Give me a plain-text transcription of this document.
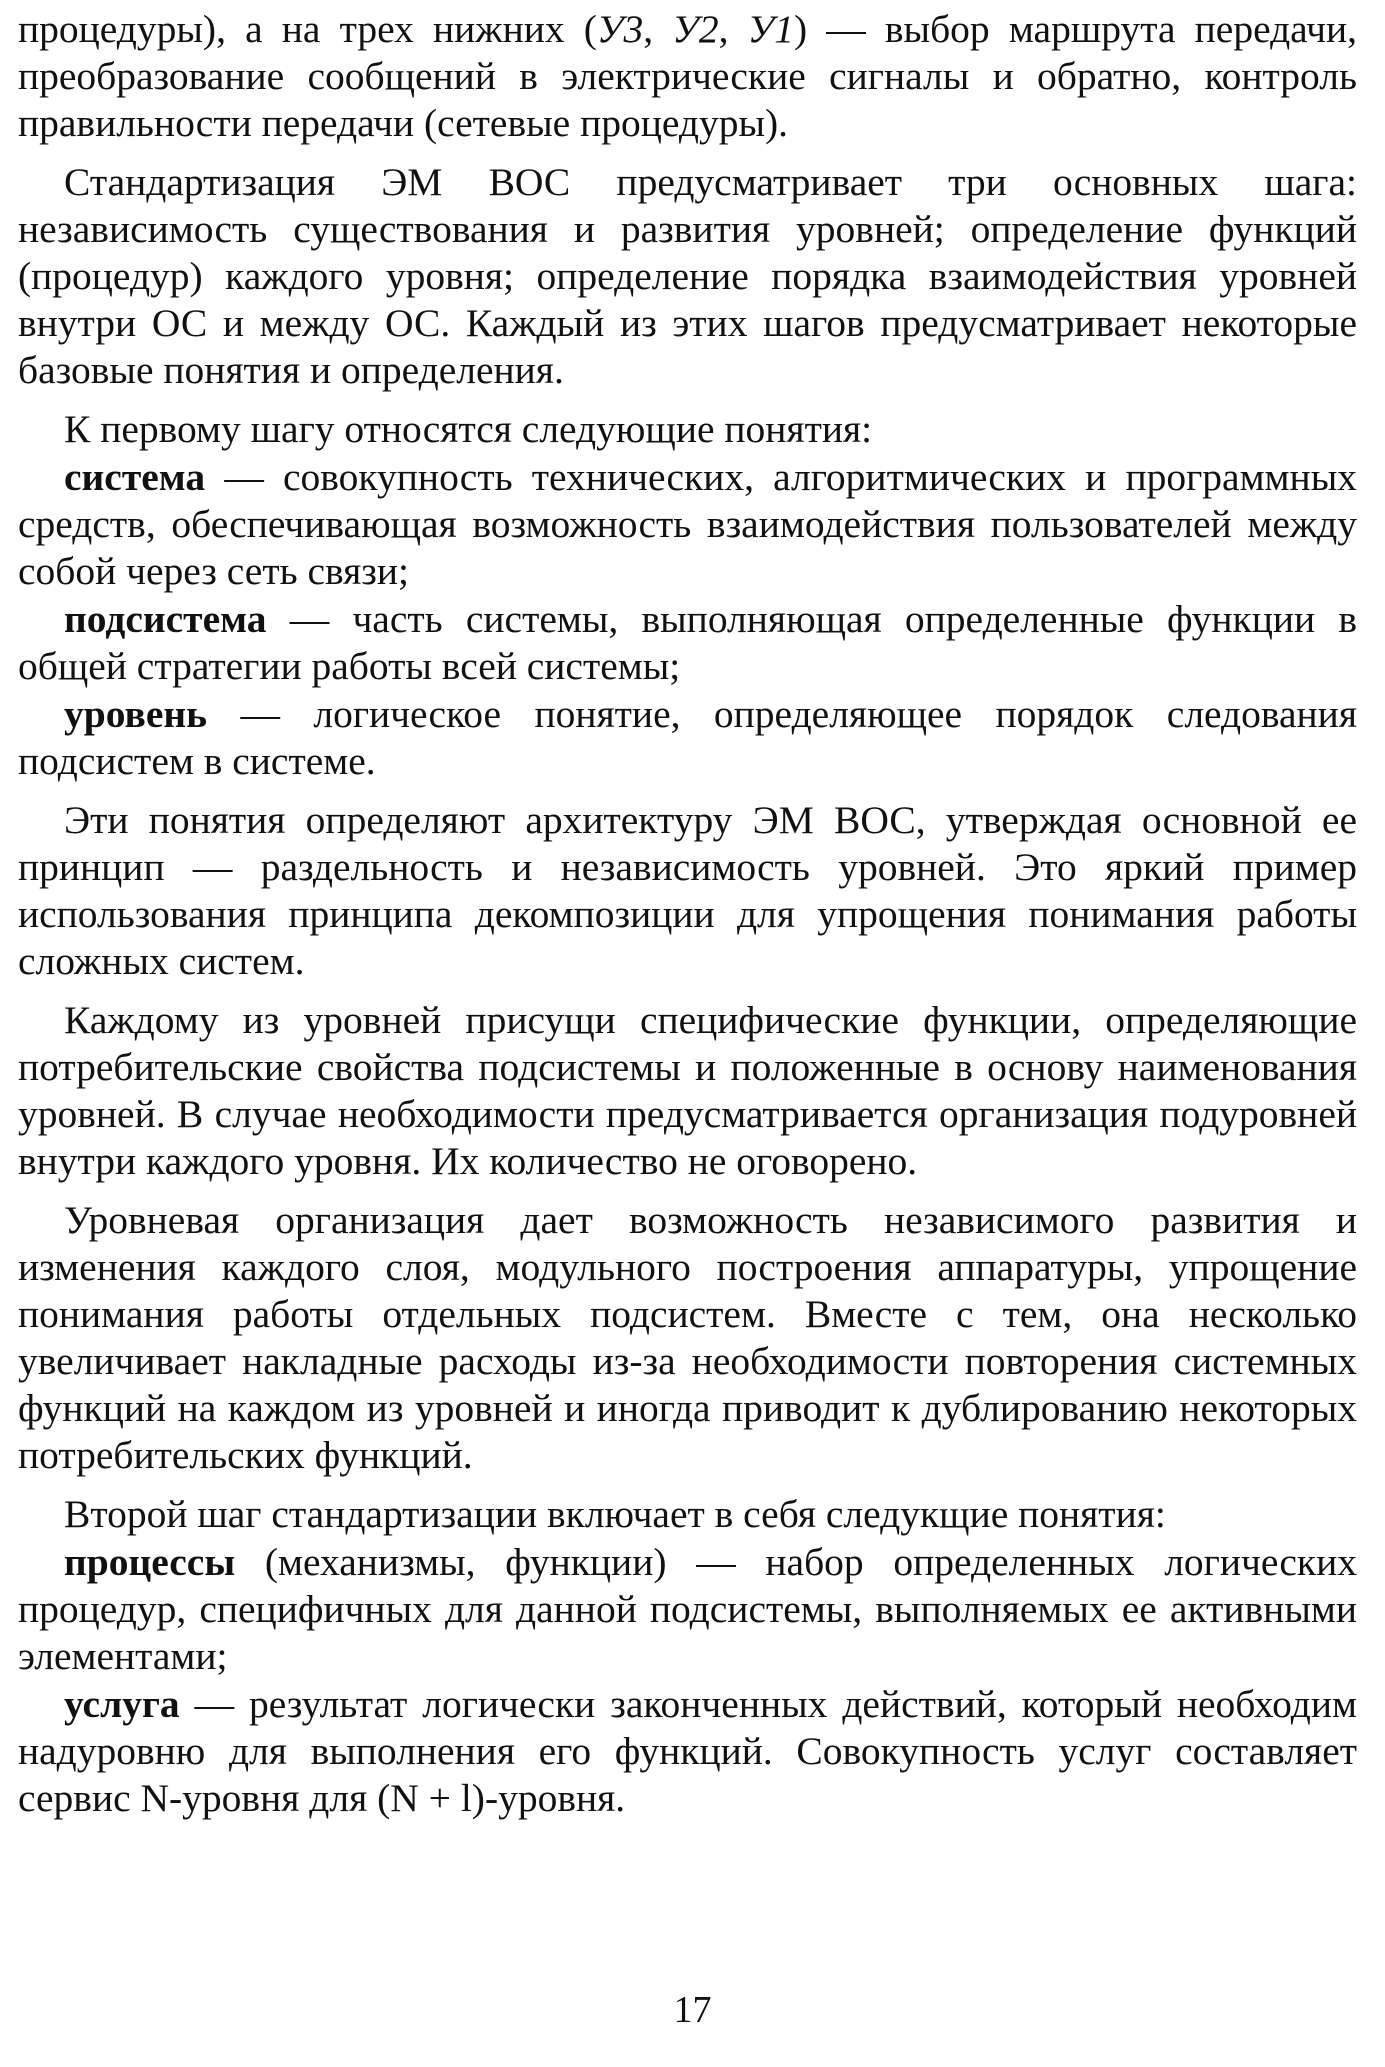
процедуры), а на трех нижних (У3, У2, У1) — выбор маршрута передачи, преобразование сообщений в электрические сигналы и обратно, контроль правильности передачи (сетевые процедуры).

Стандартизация ЭМ ВОС предусматривает три основных шага: независимость существования и развития уровней; определение функций (процедур) каждого уровня; определение порядка взаимодействия уровней внутри ОС и между ОС. Каждый из этих шагов предусматривает некоторые базовые понятия и определения.

К первому шагу относятся следующие понятия:

система — совокупность технических, алгоритмических и программных средств, обеспечивающая возможность взаимодействия пользователей между собой через сеть связи;

подсистема — часть системы, выполняющая определенные функции в общей стратегии работы всей системы;

уровень — логическое понятие, определяющее порядок следования подсистем в системе.

Эти понятия определяют архитектуру ЭМ ВОС, утверждая основной ее принцип — раздельность и независимость уровней. Это яркий пример использования принципа декомпозиции для упрощения понимания работы сложных систем.

Каждому из уровней присущи специфические функции, определяющие потребительские свойства подсистемы и положенные в основу наименования уровней. В случае необходимости предусматривается организация подуровней внутри каждого уровня. Их количество не оговорено.

Уровневая организация дает возможность независимого развития и изменения каждого слоя, модульного построения аппаратуры, упрощение понимания работы отдельных подсистем. Вместе с тем, она несколько увеличивает накладные расходы из-за необходимости повторения системных функций на каждом из уровней и иногда приводит к дублированию некоторых потребительских функций.

Второй шаг стандартизации включает в себя следукщие понятия:

процессы (механизмы, функции) — набор определенных логических процедур, специфичных для данной подсистемы, выполняемых ее активными элементами;

услуга — результат логически законченных действий, который необходим надуровню для выполнения его функций. Совокупность услуг составляет сервис N-уровня для (N + l)-уровня.

17
